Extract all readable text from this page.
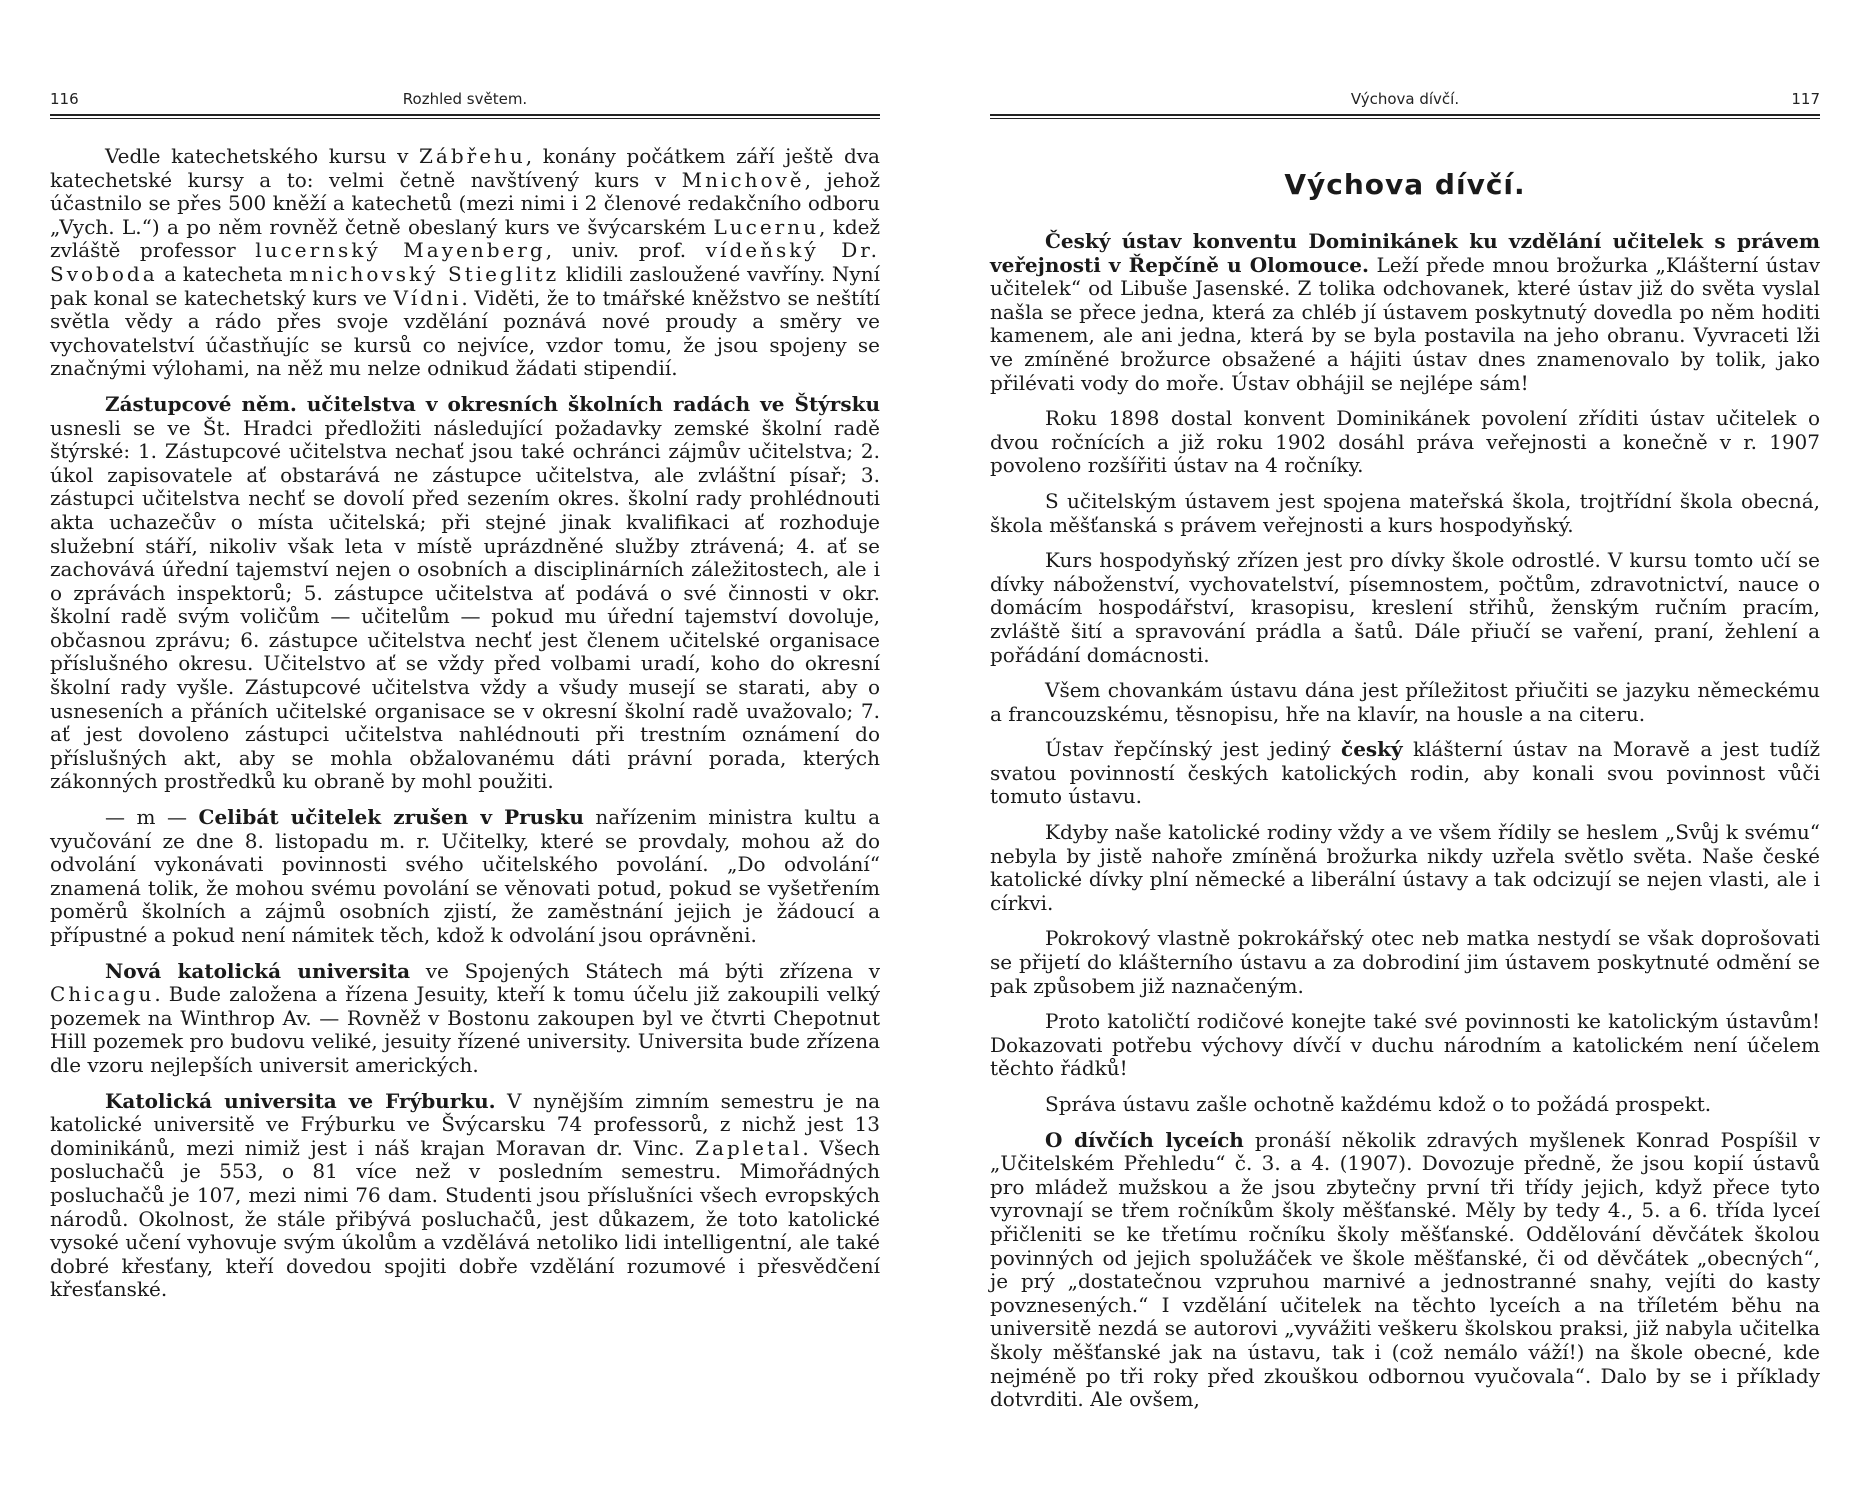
116	Rozhled světem.

Vedle katechetského kursu v Zábřehu, konány počátkem září ještě dva katechetské kursy a to: velmi četně navštívený kurs v Mnichově, jehož účastnilo se přes 500 kněží a katechetů (mezi nimi i 2 členové redakčního odboru „Vych. L.“) a po něm rovněž četně obeslaný kurs ve švýcarském Lucernu, kdež zvláště professor lucernský Mayenberg, univ. prof. vídeňský Dr. Svoboda a katecheta mnichovský Stieglitz klidili zasloužené vavříny. Nyní pak konal se katechetský kurs ve Vídni. Viděti, že to tmářské kněžstvo se neštítí světla vědy a rádo přes svoje vzdělání poznává nové proudy a směry ve vychovatelství účastňujíc se kursů co nejvíce, vzdor tomu, že jsou spojeny se značnými výlohami, na něž mu nelze odnikud žádati stipendií.

Zástupcové něm. učitelstva v okresních školních radách ve Štýrsku usnesli se ve Št. Hradci předložiti následující požadavky zemské školní radě štýrské: 1. Zástupcové učitelstva nechať jsou také ochránci zájmův učitelstva; 2. úkol zapisovatele ať obstarává ne zástupce učitelstva, ale zvláštní písař; 3. zástupci učitelstva nechť se dovolí před sezením okres. školní rady prohlédnouti akta uchazečův o místa učitelská; při stejné jinak kvalifikaci ať rozhoduje služební stáří, nikoliv však leta v místě uprázdněné služby ztrávená; 4. ať se zachovává úřední tajemství nejen o osobních a disciplinárních záležitostech, ale i o zprávách inspektorů; 5. zástupce učitelstva ať podává o své činnosti v okr. školní radě svým voličům — učitelům — pokud mu úřední tajemství dovoluje, občasnou zprávu; 6. zástupce učitelstva nechť jest členem učitelské organisace příslušného okresu. Učitelstvo ať se vždy před volbami uradí, koho do okresní školní rady vyšle. Zástupcové učitelstva vždy a všudy musejí se starati, aby o usneseních a přáních učitelské organisace se v okresní školní radě uvažovalo; 7. ať jest dovoleno zástupci učitelstva nahlédnouti při trestním oznámení do příslušných akt, aby se mohla obžalovanému dáti právní porada, kterých zákonných prostředků ku obraně by mohl použiti.

— m — Celibát učitelek zrušen v Prusku nařízenim ministra kultu a vyučování ze dne 8. listopadu m. r. Učitelky, které se provdaly, mohou až do odvolání vykonávati povinnosti svého učitelského povolání. „Do odvolání“ znamená tolik, že mohou svému povolání se věnovati potud, pokud se vyšetřením poměrů školních a zájmů osobních zjistí, že zaměstnání jejich je žádoucí a přípustné a pokud není námitek těch, kdož k odvolání jsou oprávněni.

Nová katolická universita ve Spojených Státech má býti zřízena v Chicagu. Bude založena a řízena Jesuity, kteří k tomu účelu již zakoupili velký pozemek na Winthrop Av. — Rovněž v Bostonu zakoupen byl ve čtvrti Chepotnut Hill pozemek pro budovu veliké, jesuity řízené university. Universita bude zřízena dle vzoru nejlepších universit amerických.

Katolická universita ve Frýburku. V nynějším zimním semestru je na katolické universitě ve Frýburku ve Švýcarsku 74 professorů, z nichž jest 13 dominikánů, mezi nimiž jest i náš krajan Moravan dr. Vinc. Zapletal. Všech posluchačů je 553, o 81 více než v posledním semestru. Mimořádných posluchačů je 107, mezi nimi 76 dam. Studenti jsou příslušníci všech evropských národů. Okolnost, že stále přibývá posluchačů, jest důkazem, že toto katolické vysoké učení vyhovuje svým úkolům a vzdělává netoliko lidi intelligentní, ale také dobré křesťany, kteří dovedou spojiti dobře vzdělání rozumové i přesvědčení křesťanské.

Výchova dívčí.	117
Výchova dívčí.

Český ústav konventu Dominikánek ku vzdělání učitelek s právem veřejnosti v Řepčíně u Olomouce. Leží přede mnou brožurka „Klášterní ústav učitelek“ od Libuše Jasenské. Z tolika odchovanek, které ústav již do světa vyslal našla se přece jedna, která za chléb jí ústavem poskytnutý dovedla po něm hoditi kamenem, ale ani jedna, která by se byla postavila na jeho obranu. Vyvraceti lži ve zmíněné brožurce obsažené a hájiti ústav dnes znamenovalo by tolik, jako přilévati vody do moře. Ústav obhájil se nejlépe sám!

Roku 1898 dostal konvent Dominikánek povolení zříditi ústav učitelek o dvou ročnících a již roku 1902 dosáhl práva veřejnosti a konečně v r. 1907 povoleno rozšířiti ústav na 4 ročníky.

S učitelským ústavem jest spojena mateřská škola, trojtřídní škola obecná, škola měšťanská s právem veřejnosti a kurs hospodyňský.

Kurs hospodyňský zřízen jest pro dívky škole odrostlé. V kursu tomto učí se dívky náboženství, vychovatelství, písemnostem, počtům, zdravotnictví, nauce o domácím hospodářství, krasopisu, kreslení střihů, ženským ručním pracím, zvláště šití a spravování prádla a šatů. Dále přiučí se vaření, praní, žehlení a pořádání domácnosti.

Všem chovankám ústavu dána jest příležitost přiučiti se jazyku německému a francouzskému, těsnopisu, hře na klavír, na housle a na citeru.

Ústav řepčínský jest jediný český klášterní ústav na Moravě a jest tudíž svatou povinností českých katolických rodin, aby konali svou povinnost vůči tomuto ústavu.

Kdyby naše katolické rodiny vždy a ve všem řídily se heslem „Svůj k svému“ nebyla by jistě nahoře zmíněná brožurka nikdy uzřela světlo světa. Naše české katolické dívky plní německé a liberální ústavy a tak odcizují se nejen vlasti, ale i církvi.

Pokrokový vlastně pokrokářský otec neb matka nestydí se však doprošovati se přijetí do klášterního ústavu a za dobrodiní jim ústavem poskytnuté odmění se pak způsobem již naznačeným.

Proto katoličtí rodičové konejte také své povinnosti ke katolickým ústavům! Dokazovati potřebu výchovy dívčí v duchu národním a katolickém není účelem těchto řádků!

Správa ústavu zašle ochotně každému kdož o to požádá prospekt.

O dívčích lyceích pronáší několik zdravých myšlenek Konrad Pospíšil v „Učitelském Přehledu“ č. 3. a 4. (1907). Dovozuje předně, že jsou kopií ústavů pro mládež mužskou a že jsou zbytečny první tři třídy jejich, když přece tyto vyrovnají se třem ročníkům školy měšťanské. Měly by tedy 4., 5. a 6. třída lyceí přičleniti se ke třetímu ročníku školy měšťanské. Oddělování děvčátek školou povinných od jejich spolužáček ve škole měšťanské, či od děvčátek „obecných“, je prý „dostatečnou vzpruhou marnivé a jednostranné snahy, vejíti do kasty povznesených.“ I vzdělání učitelek na těchto lyceích a na tříletém běhu na universitě nezdá se autorovi „vyvážiti veškeru školskou praksi, již nabyla učitelka školy měšťanské jak na ústavu, tak i (což nemálo váží!) na škole obecné, kde nejméně po tři roky před zkouškou odbornou vyučovala“. Dalo by se i příklady dotvrditi. Ale ovšem,
